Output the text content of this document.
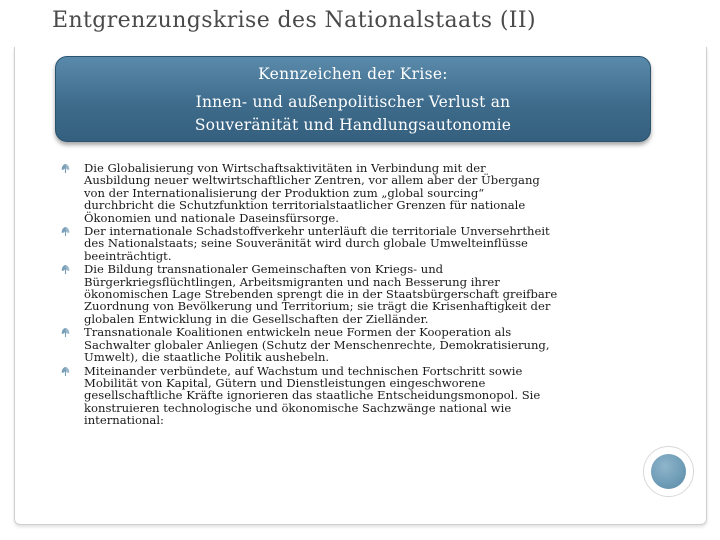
Entgrenzungskrise des Nationalstaats (II)
Kennzeichen der Krise:
Innen- und außenpolitischer Verlust an
Souveränität und Handlungsautonomie
Die Globalisierung von Wirtschaftsaktivitäten in Verbindung mit der
Ausbildung neuer weltwirtschaftlicher Zentren, vor allem aber der Übergang
von der Internationalisierung der Produktion zum „global sourcing“
durchbricht die Schutzfunktion territorialstaatlicher Grenzen für nationale
Ökonomien und nationale Daseinsfürsorge.
Der internationale Schadstoffverkehr unterläuft die territoriale Unversehrtheit
des Nationalstaats; seine Souveränität wird durch globale Umwelteinflüsse
beeinträchtigt.
Die Bildung transnationaler Gemeinschaften von Kriegs- und
Bürgerkriegsflüchtlingen, Arbeitsmigranten und nach Besserung ihrer
ökonomischen Lage Strebenden sprengt die in der Staatsbürgerschaft greifbare
Zuordnung von Bevölkerung und Territorium; sie trägt die Krisenhaftigkeit der
globalen Entwicklung in die Gesellschaften der Zielländer.
Transnationale Koalitionen entwickeln neue Formen der Kooperation als
Sachwalter globaler Anliegen (Schutz der Menschenrechte, Demokratisierung,
Umwelt), die staatliche Politik aushebeln.
Miteinander verbündete, auf Wachstum und technischen Fortschritt sowie
Mobilität von Kapital, Gütern und Dienstleistungen eingeschworene
gesellschaftliche Kräfte ignorieren das staatliche Entscheidungsmonopol. Sie
konstruieren technologische und ökonomische Sachzwänge national wie
international:
